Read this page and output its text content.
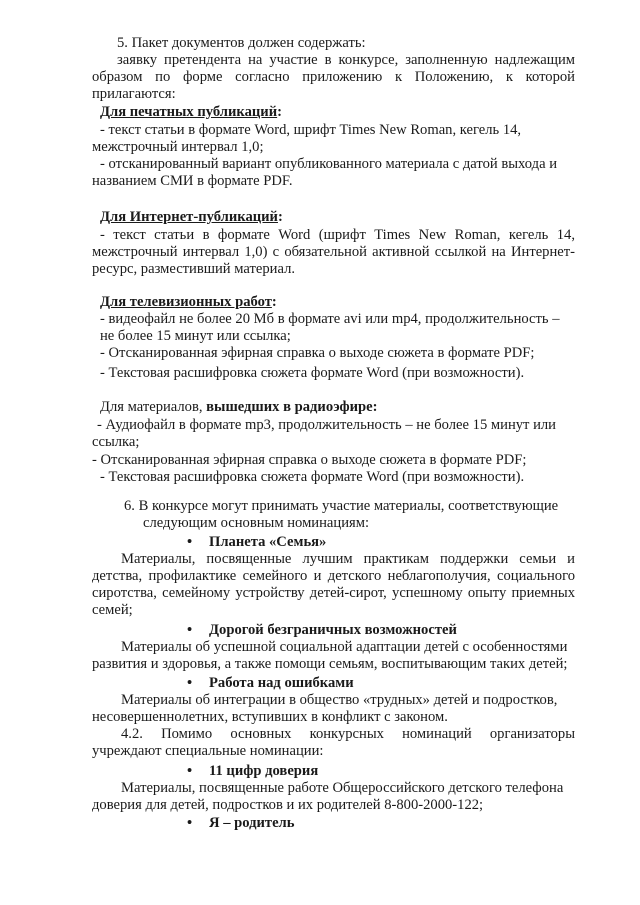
5. Пакет документов должен содержать:
заявку претендента на участие в конкурсе, заполненную надлежащим
образом по форме согласно приложению к Положению, к которой
прилагаются:
Для печатных публикаций:
- текст статьи в формате Word, шрифт Times New Roman, кегель 14,
межстрочный интервал 1,0;
- отсканированный вариант опубликованного материала с датой выхода и
названием СМИ в формате PDF.
Для Интернет-публикаций:
- текст статьи в формате Word (шрифт Times New Roman, кегель 14,
межстрочный интервал 1,0) с обязательной активной ссылкой на Интернет-
ресурс, разместивший материал.
Для телевизионных работ:
- видеофайл не более 20 Мб в формате avi или mp4, продолжительность –
не более 15 минут или ссылка;
- Отсканированная эфирная справка о выходе сюжета в формате PDF;
- Текстовая расшифровка сюжета формате Word (при возможности).
Для материалов, вышедших в радиоэфире:
- Аудиофайл в формате mp3, продолжительность – не более 15 минут или
ссылка;
- Отсканированная эфирная справка о выходе сюжета в формате PDF;
- Текстовая расшифровка сюжета формате Word (при возможности).
6. В конкурсе могут принимать участие материалы, соответствующие
следующим основным номинациям:
• Планета «Семья»
Материалы, посвященные лучшим практикам поддержки семьи и
детства, профилактике семейного и детского неблагополучия, социального
сиротства, семейному устройству детей-сирот, успешному опыту приемных
семей;
• Дорогой безграничных возможностей
Материалы об успешной социальной адаптации детей с особенностями
развития и здоровья, а также помощи семьям, воспитывающим таких детей;
• Работа над ошибками
Материалы об интеграции в общество «трудных» детей и подростков,
несовершеннолетних, вступивших в конфликт с законом.
4.2. Помимо основных конкурсных номинаций организаторы
учреждают специальные номинации:
• 11 цифр доверия
Материалы, посвященные работе Общероссийского детского телефона
доверия для детей, подростков и их родителей 8-800-2000-122;
• Я – родитель
